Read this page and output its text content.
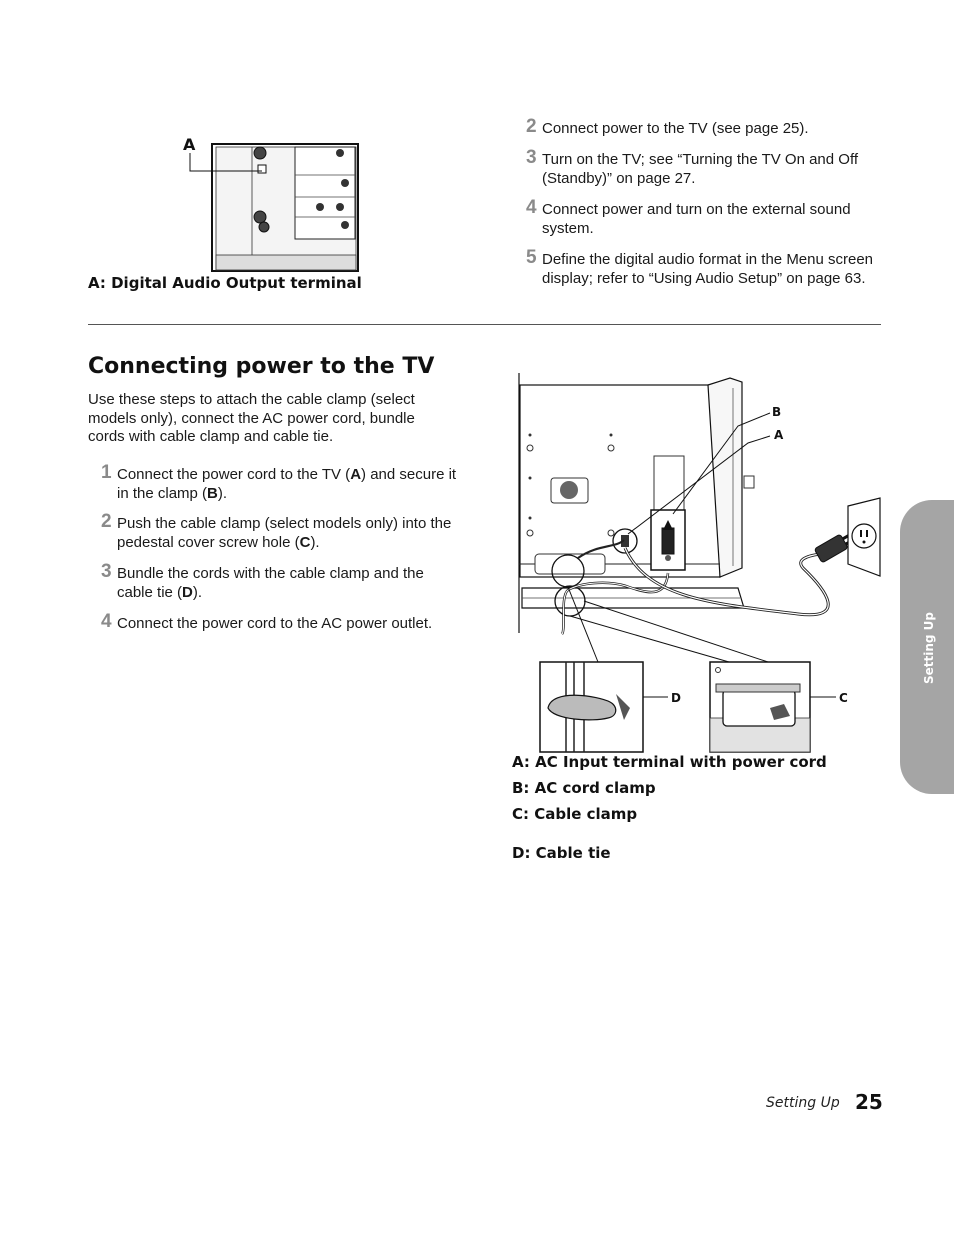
A
A: Digital Audio Output terminal
2 Connect power to the TV (see page 25).
3 Turn on the TV; see “Turning the TV On and Off (Standby)” on page 27.
4 Connect power and turn on the external sound system.
5 Define the digital audio format in the Menu screen display; refer to “Using Audio Setup” on page 63.
Connecting power to the TV
Use these steps to attach the cable clamp (select models only), connect the AC power cord, bundle cords with cable clamp and cable tie.
1 Connect the power cord to the TV (A) and secure it in the clamp (B).
2 Push the cable clamp (select models only) into the pedestal cover screw hole (C).
3 Bundle the cords with the cable clamp and the cable tie (D).
4 Connect the power cord to the AC power outlet.
B
A
D	C
A: AC Input terminal with power cord
B: AC cord clamp
C: Cable clamp
D: Cable tie
Setting Up
Setting Up 25
